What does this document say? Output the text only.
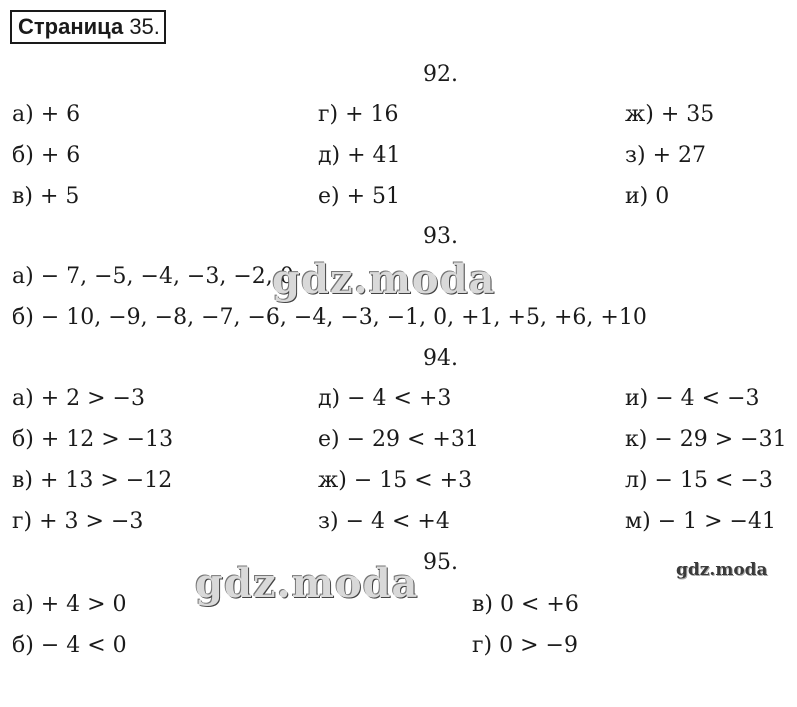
Страница 35.
92.
а) + 6	г) + 16	ж) + 35
б) + 6	д) + 41	з) + 27
в) + 5	е) + 51	и) 0
93.
а) − 7, −5, −4, −3, −2, 0
б) − 10, −9, −8, −7, −6, −4, −3, −1, 0, +1, +5, +6, +10
94.
а) + 2 > −3	д) − 4 < +3	и) − 4 < −3
б) + 12 > −13	е) − 29 < +31	к) − 29 > −31
в) + 13 > −12	ж) − 15 < +3	л) − 15 < −3
г) + 3 > −3	з) − 4 < +4	м) − 1 > −41
95.
а) + 4 > 0	в) 0 < +6
б) − 4 < 0	г) 0 > −9
gdz.moda
gdz.moda	gdz.moda
